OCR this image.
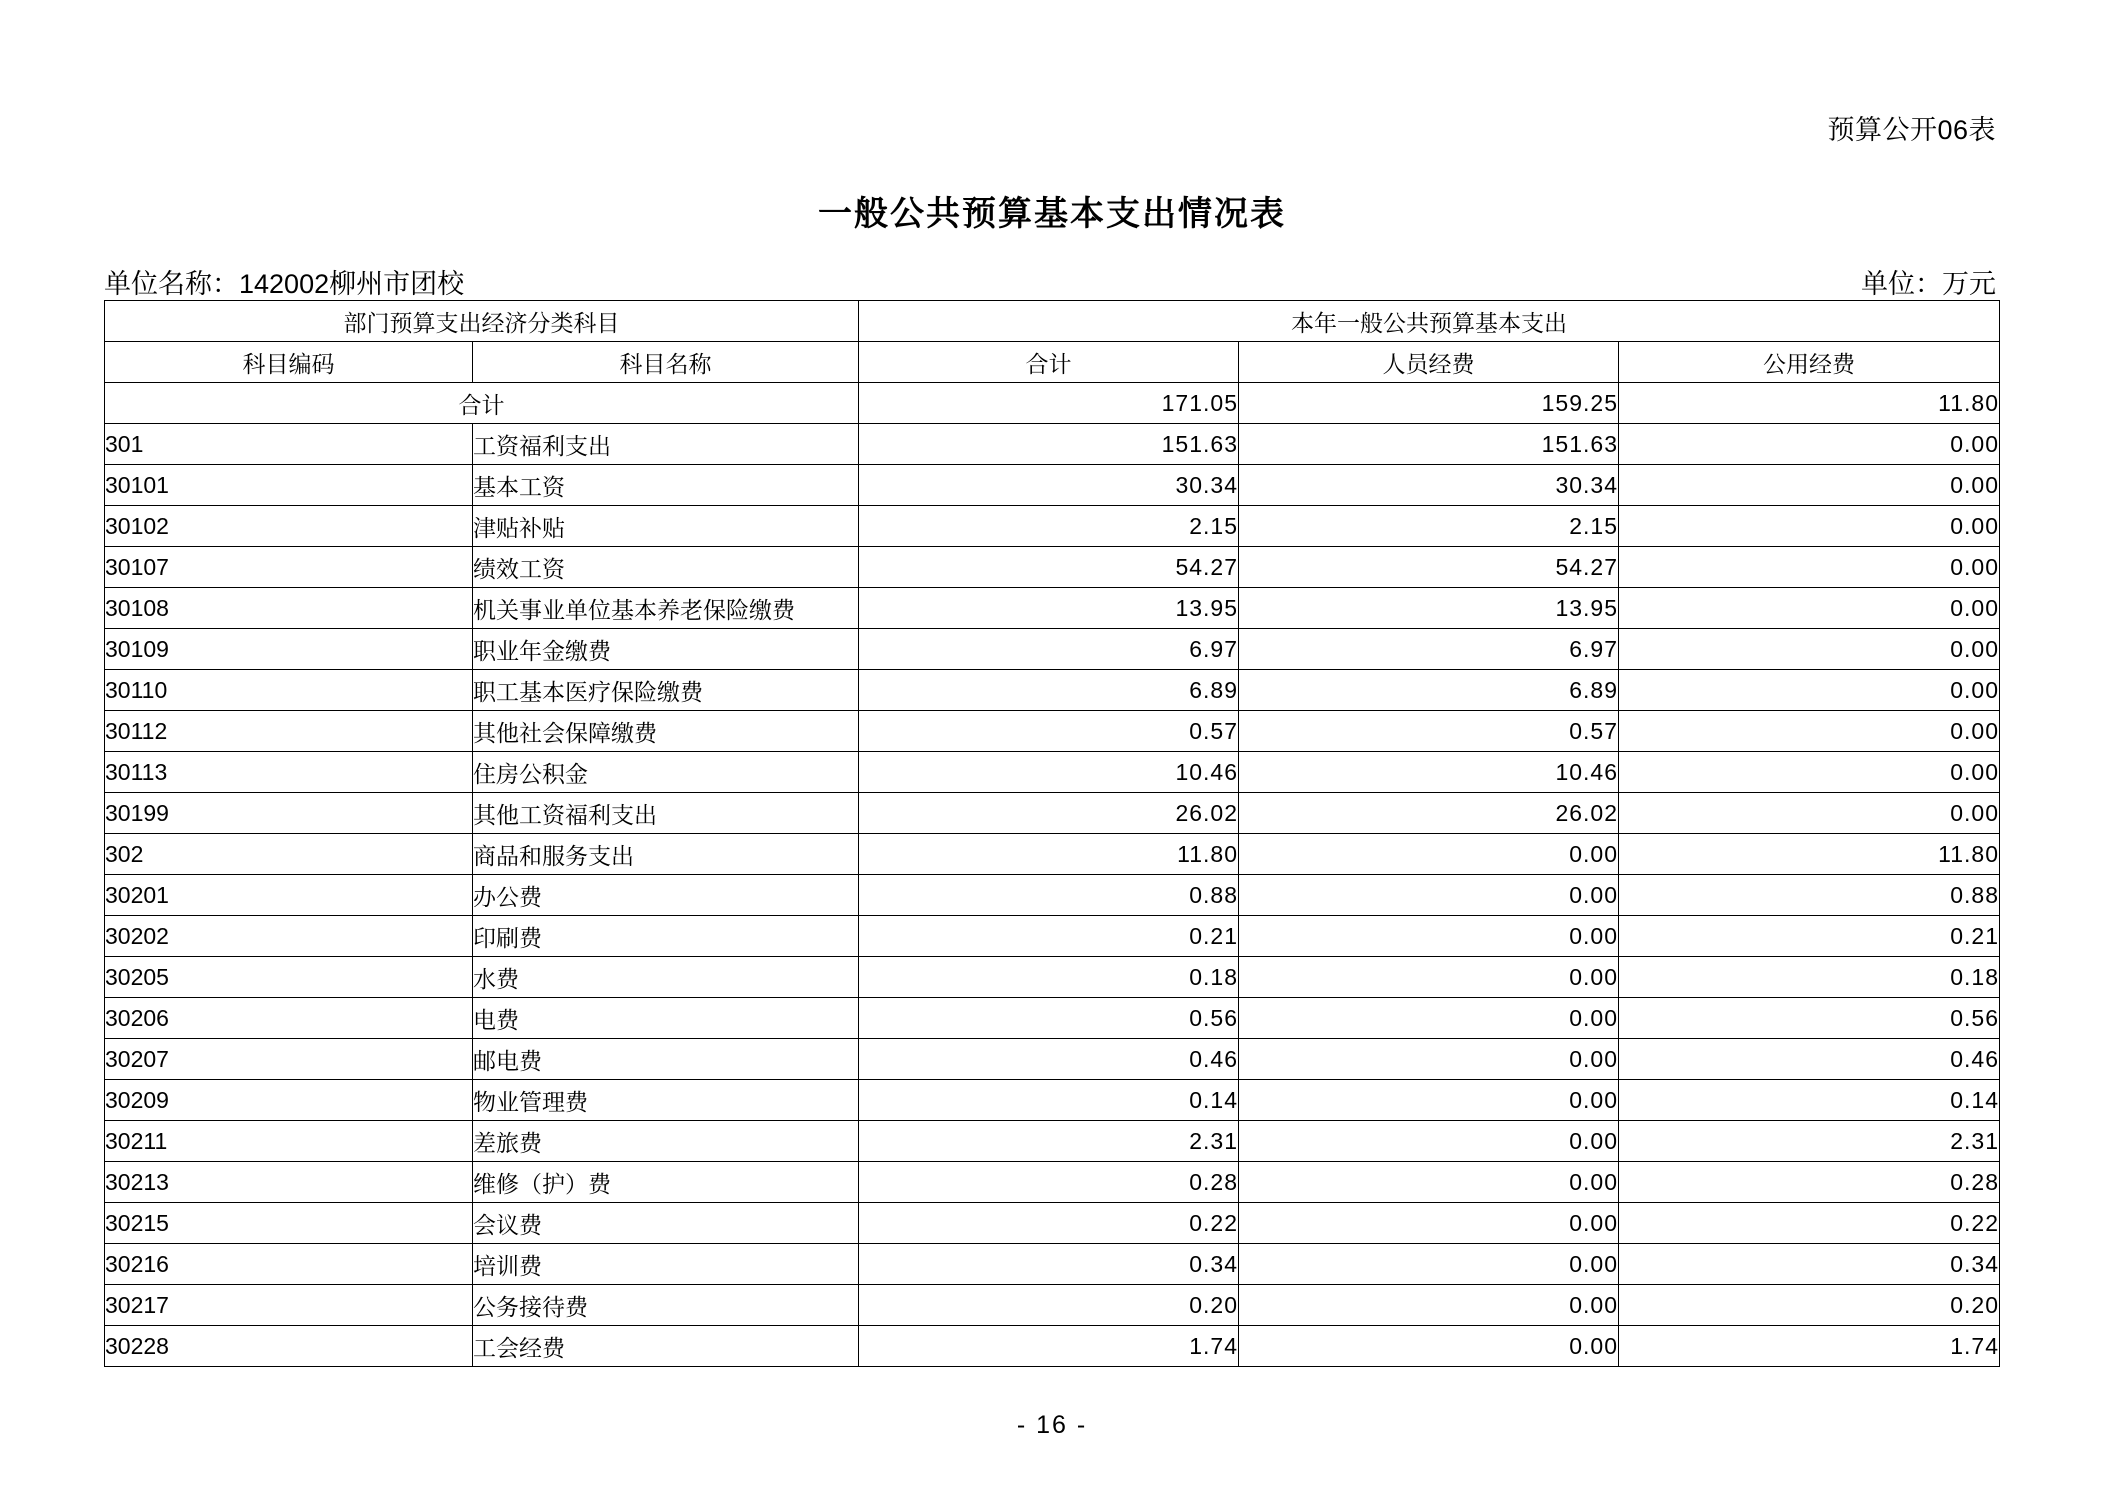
预算公开06表
一般公共预算基本支出情况表
单位名称：142002柳州市团校	单位：万元
部门预算支出经济分类科目		本年一般公共预算基本支出		
科目编码	科目名称	合计	人员经费	公用经费
合计		171.05	159.25	11.80
301	工资福利支出	151.63	151.63	0.00
30101	基本工资	30.34	30.34	0.00
30102	津贴补贴	2.15	2.15	0.00
30107	绩效工资	54.27	54.27	0.00
30108	机关事业单位基本养老保险缴费	13.95	13.95	0.00
30109	职业年金缴费	6.97	6.97	0.00
30110	职工基本医疗保险缴费	6.89	6.89	0.00
30112	其他社会保障缴费	0.57	0.57	0.00
30113	住房公积金	10.46	10.46	0.00
30199	其他工资福利支出	26.02	26.02	0.00
302	商品和服务支出	11.80	0.00	11.80
30201	办公费	0.88	0.00	0.88
30202	印刷费	0.21	0.00	0.21
30205	水费	0.18	0.00	0.18
30206	电费	0.56	0.00	0.56
30207	邮电费	0.46	0.00	0.46
30209	物业管理费	0.14	0.00	0.14
30211	差旅费	2.31	0.00	2.31
30213	维修（护）费	0.28	0.00	0.28
30215	会议费	0.22	0.00	0.22
30216	培训费	0.34	0.00	0.34
30217	公务接待费	0.20	0.00	0.20
30228	工会经费	1.74	0.00	1.74
- 16 -
